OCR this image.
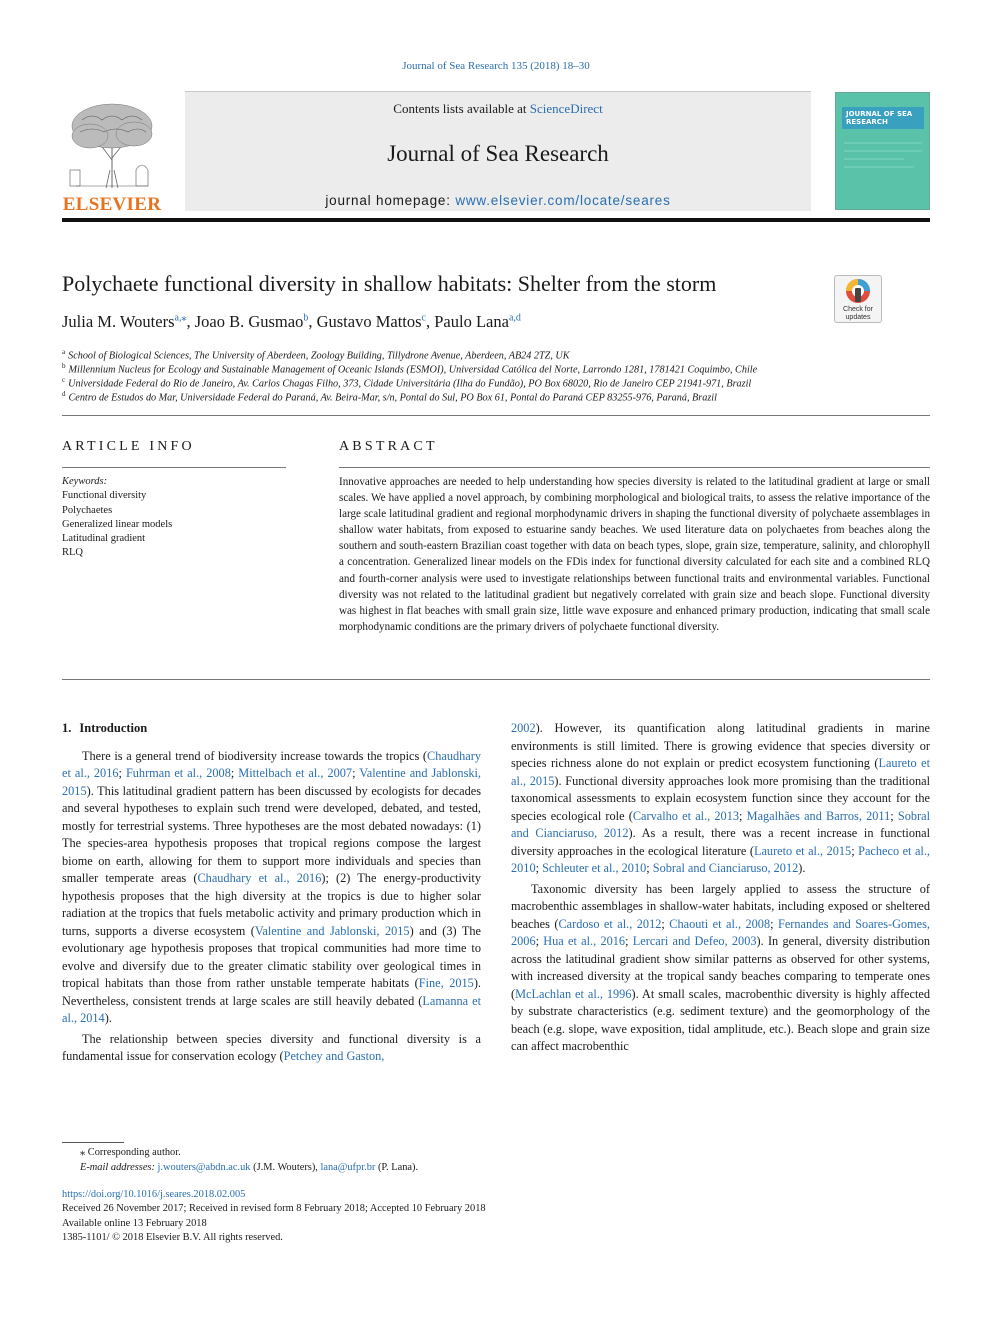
Journal of Sea Research 135 (2018) 18–30
ELSEVIER
Contents lists available at ScienceDirect
Journal of Sea Research
journal homepage: www.elsevier.com/locate/seares
JOURNAL OF SEA RESEARCH
Polychaete functional diversity in shallow habitats: Shelter from the storm
Check for
updates
Julia M. Wouters$^{a,⁎}$, Joao B. Gusmao$^b$, Gustavo Mattos$^c$, Paulo Lana$^{a,d}$
$^a$ School of Biological Sciences, The University of Aberdeen, Zoology Building, Tillydrone Avenue, Aberdeen, AB24 2TZ, UK
$^b$ Millennium Nucleus for Ecology and Sustainable Management of Oceanic Islands (ESMOI), Universidad Católica del Norte, Larrondo 1281, 1781421 Coquimbo, Chile
$^c$ Universidade Federal do Rio de Janeiro, Av. Carlos Chagas Filho, 373, Cidade Universitária (Ilha do Fundão), PO Box 68020, Rio de Janeiro CEP 21941-971, Brazil
$^d$ Centro de Estudos do Mar, Universidade Federal do Paraná, Av. Beira-Mar, s/n, Pontal do Sul, PO Box 61, Pontal do Paraná CEP 83255-976, Paraná, Brazil
ARTICLE INFO	ABSTRACT
Keywords:
Functional diversity
Polychaetes
Generalized linear models
Latitudinal gradient
RLQ
Innovative approaches are needed to help understanding how species diversity is related to the latitudinal gradient at large or small scales. We have applied a novel approach, by combining morphological and biological traits, to assess the relative importance of the large scale latitudinal gradient and regional morphodynamic drivers in shaping the functional diversity of polychaete assemblages in shallow water habitats, from exposed to estuarine sandy beaches. We used literature data on polychaetes from beaches along the southern and south-eastern Brazilian coast together with data on beach types, slope, grain size, temperature, salinity, and chlorophyll a concentration. Generalized linear models on the FDis index for functional diversity calculated for each site and a combined RLQ and fourth-corner analysis were used to investigate relationships between functional traits and environmental variables. Functional diversity was not related to the latitudinal gradient but negatively correlated with grain size and beach slope. Functional diversity was highest in flat beaches with small grain size, little wave exposure and enhanced primary production, indicating that small scale morphodynamic conditions are the primary drivers of polychaete functional diversity.
1. Introduction

There is a general trend of biodiversity increase towards the tropics (Chaudhary et al., 2016; Fuhrman et al., 2008; Mittelbach et al., 2007; Valentine and Jablonski, 2015). This latitudinal gradient pattern has been discussed by ecologists for decades and several hypotheses to explain such trend were developed, debated, and tested, mostly for terrestrial systems. Three hypotheses are the most debated nowadays: (1) The species-area hypothesis proposes that tropical regions compose the largest biome on earth, allowing for them to support more individuals and species than smaller temperate areas (Chaudhary et al., 2016); (2) The energy-productivity hypothesis proposes that the high diversity at the tropics is due to higher solar radiation at the tropics that fuels metabolic activity and primary production which in turns, supports a diverse ecosystem (Valentine and Jablonski, 2015) and (3) The evolutionary age hypothesis proposes that tropical communities had more time to evolve and diversify due to the greater climatic stability over geological times in tropical habitats than those from rather unstable temperate habitats (Fine, 2015). Nevertheless, consistent trends at large scales are still heavily debated (Lamanna et al., 2014).

The relationship between species diversity and functional diversity is a fundamental issue for conservation ecology (Petchey and Gaston,

2002). However, its quantification along latitudinal gradients in marine environments is still limited. There is growing evidence that species diversity or species richness alone do not explain or predict ecosystem functioning (Laureto et al., 2015). Functional diversity approaches look more promising than the traditional taxonomical assessments to explain ecosystem function since they account for the species ecological role (Carvalho et al., 2013; Magalhães and Barros, 2011; Sobral and Cianciaruso, 2012). As a result, there was a recent increase in functional diversity approaches in the ecological literature (Laureto et al., 2015; Pacheco et al., 2010; Schleuter et al., 2010; Sobral and Cianciaruso, 2012).

Taxonomic diversity has been largely applied to assess the structure of macrobenthic assemblages in shallow-water habitats, including exposed or sheltered beaches (Cardoso et al., 2012; Chaouti et al., 2008; Fernandes and Soares-Gomes, 2006; Hua et al., 2016; Lercari and Defeo, 2003). In general, diversity distribution across the latitudinal gradient show similar patterns as observed for other systems, with increased diversity at the tropical sandy beaches comparing to temperate ones (McLachlan et al., 1996). At small scales, macrobenthic diversity is highly affected by substrate characteristics (e.g. sediment texture) and the geomorphology of the beach (e.g. slope, wave exposition, tidal amplitude, etc.). Beach slope and grain size can affect macrobenthic

⁎ Corresponding author.
E-mail addresses: j.wouters@abdn.ac.uk (J.M. Wouters), lana@ufpr.br (P. Lana).
https://doi.org/10.1016/j.seares.2018.02.005
Received 26 November 2017; Received in revised form 8 February 2018; Accepted 10 February 2018
Available online 13 February 2018
1385-1101/ © 2018 Elsevier B.V. All rights reserved.
